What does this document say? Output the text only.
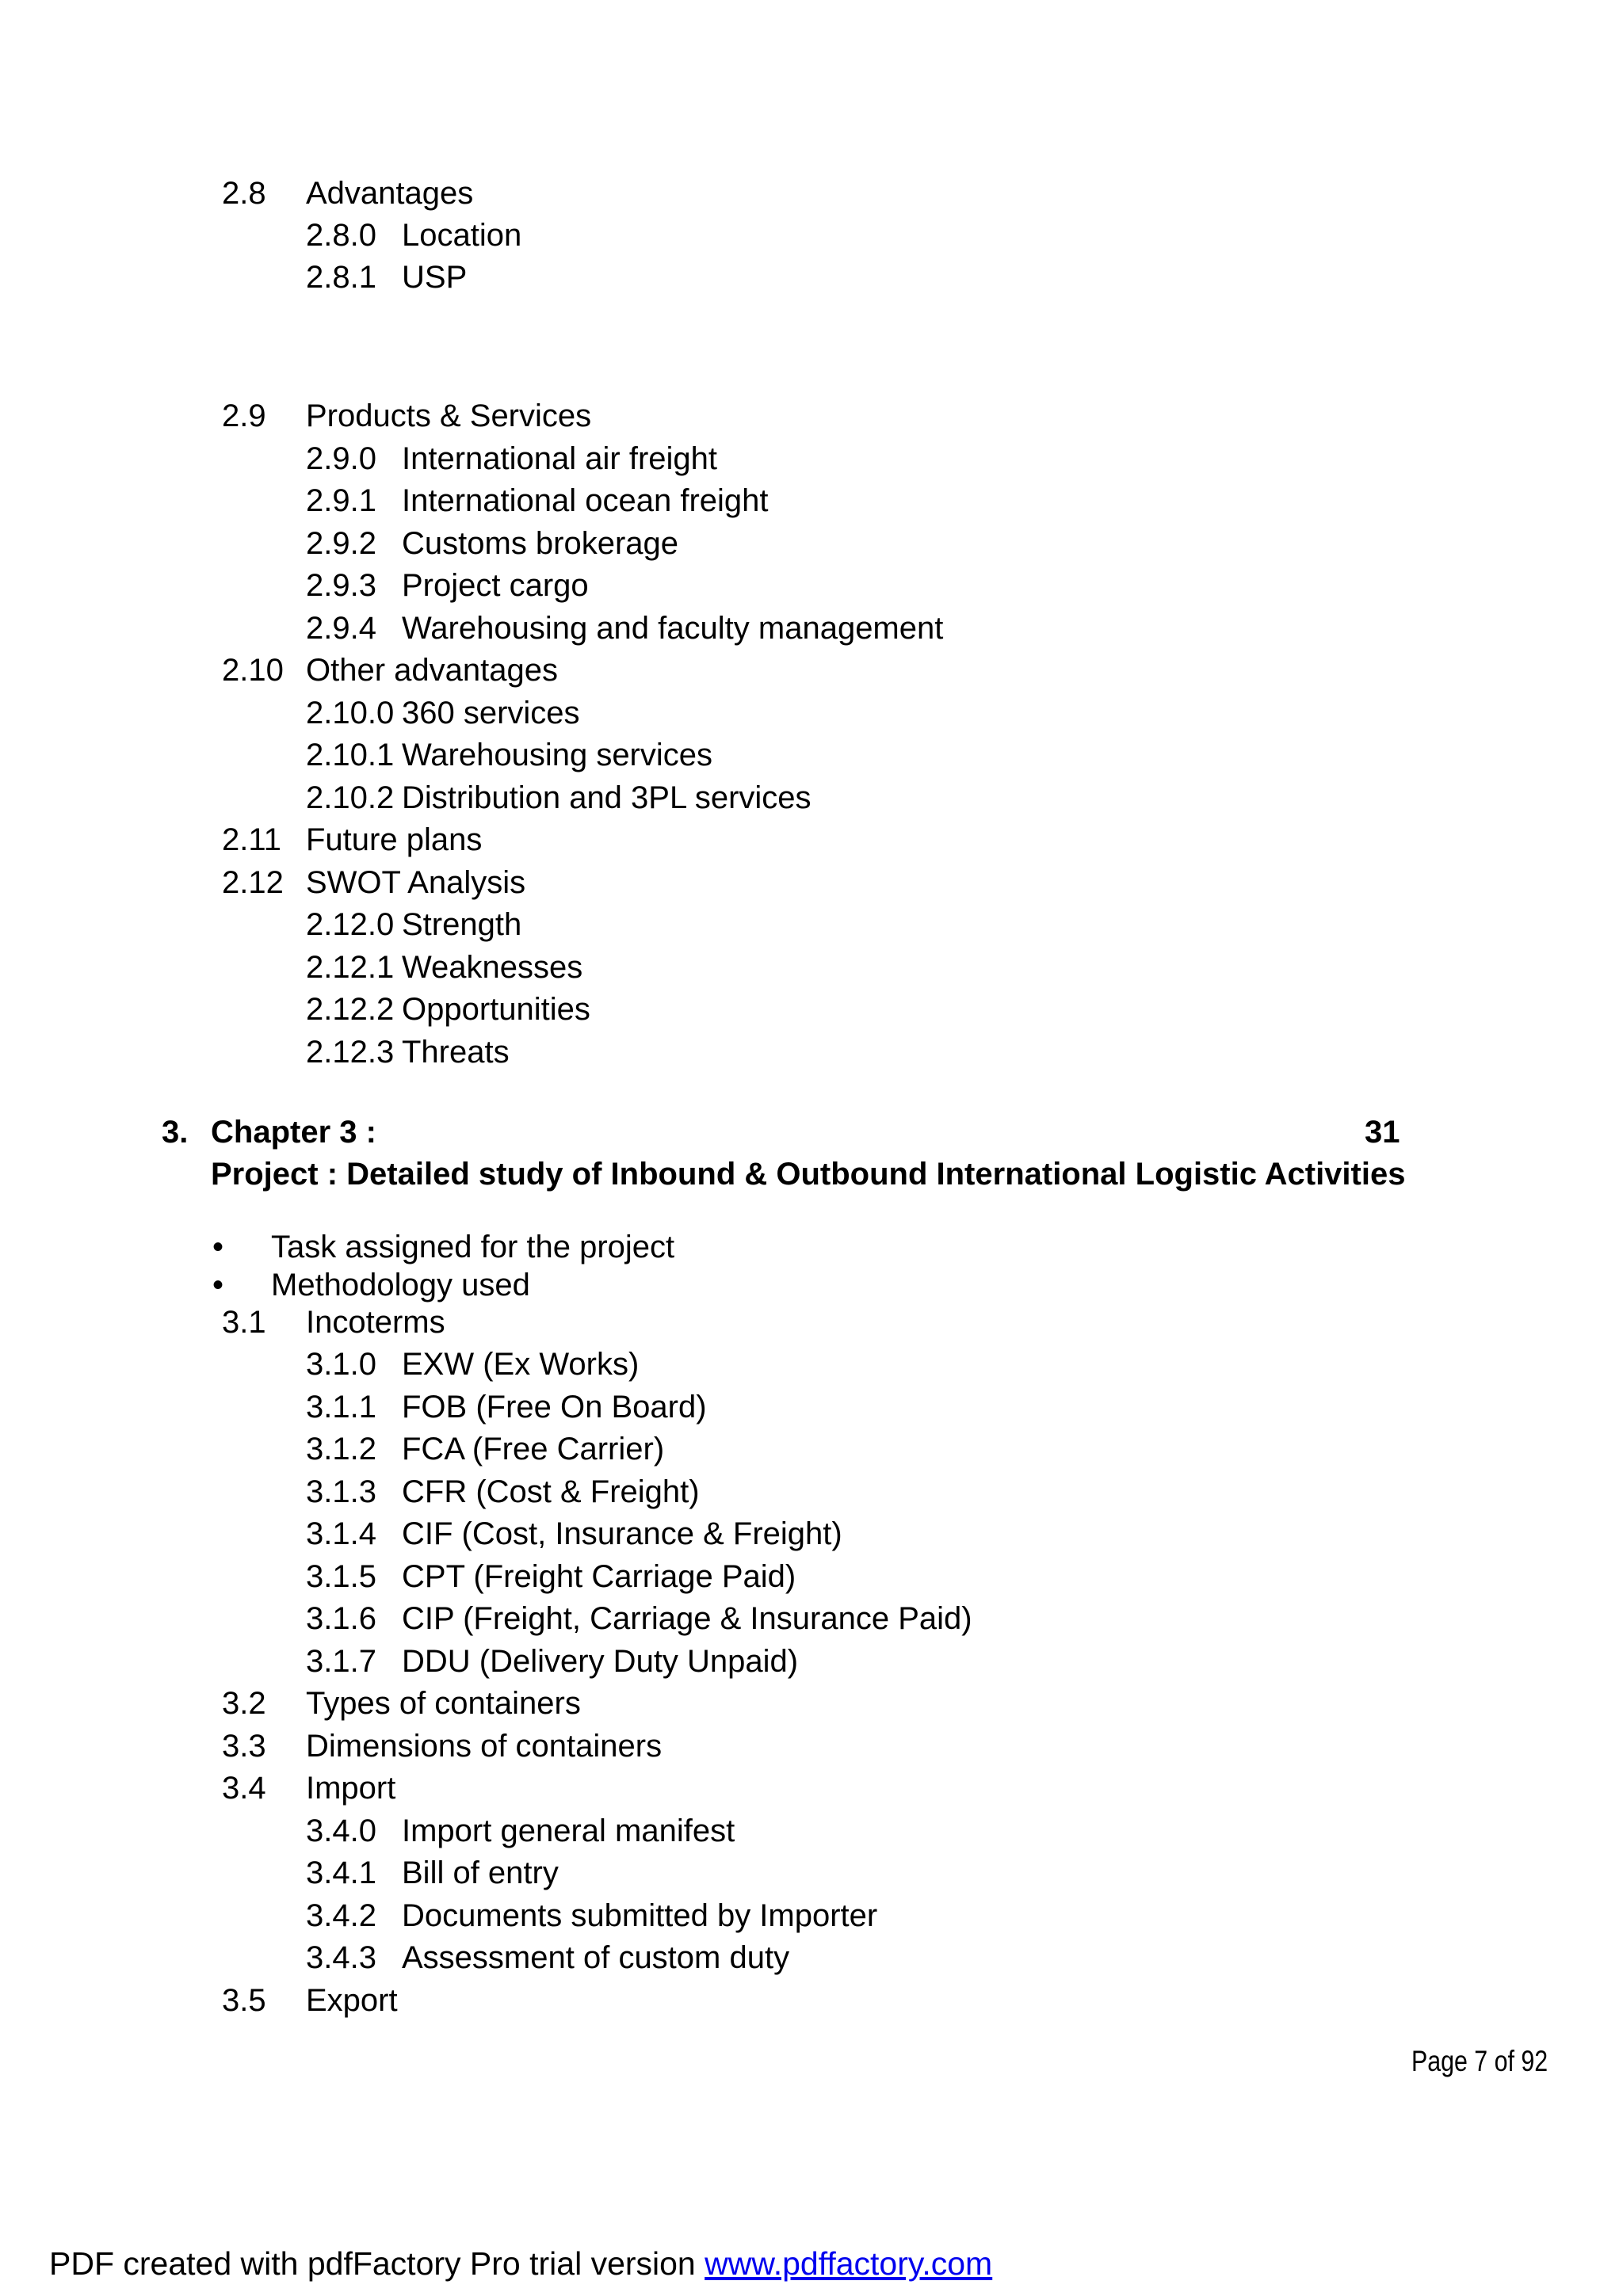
2.8 Advantages
2.8.0 Location
2.8.1 USP
2.9 Products & Services
2.9.0 International air freight
2.9.1 International ocean freight
2.9.2 Customs brokerage
2.9.3 Project cargo
2.9.4 Warehousing and faculty management
2.10 Other advantages
2.10.0 360 services
2.10.1 Warehousing services
2.10.2 Distribution and 3PL services
2.11 Future plans
2.12 SWOT Analysis
2.12.0 Strength
2.12.1 Weaknesses
2.12.2 Opportunities
2.12.3 Threats
3. Chapter 3 :	31
Project : Detailed study of Inbound & Outbound International Logistic Activities
• Task assigned for the project
• Methodology used
3.1 Incoterms
3.1.0 EXW (Ex Works)
3.1.1 FOB (Free On Board)
3.1.2 FCA (Free Carrier)
3.1.3 CFR (Cost & Freight)
3.1.4 CIF (Cost, Insurance & Freight)
3.1.5 CPT (Freight Carriage Paid)
3.1.6 CIP (Freight, Carriage & Insurance Paid)
3.1.7 DDU (Delivery Duty Unpaid)
3.2 Types of containers
3.3 Dimensions of containers
3.4 Import
3.4.0 Import general manifest
3.4.1 Bill of entry
3.4.2 Documents submitted by Importer
3.4.3 Assessment of custom duty
3.5 Export
Page 7 of 92
PDF created with pdfFactory Pro trial version www.pdffactory.com
